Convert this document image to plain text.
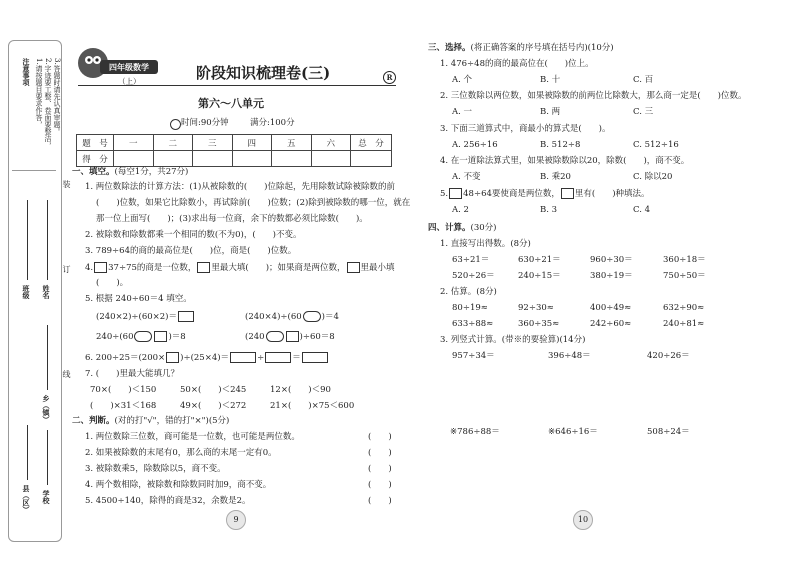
注意事项 1.请按题目要求作答， 2.字迹要工整、卷面要整洁， 3.答题时请先认真审题。
装
订
线
班级 姓名
乡（镇）
县（区） 学校
四年级数学
（上）	阶段知识梳理卷(三)	R
第六～八单元
时间:90分钟	满分:100分
题　号	一	二	三	四	五	六	总　分
得　分							
一、填空。(每空1分，共27分)
1. 两位数除法的计算方法：(1)从被除数的(　　)位除起，先用除数试除被除数的前
(　　)位数，如果它比除数小，再试除前(　　)位数；(2)除到被除数的哪一位，就在
那一位上面写(　　)；(3)求出每一位商，余下的数都必须比除数(　　)。
2. 被除数和除数都乘一个相同的数(不为0)，(　　)不变。
3. 789÷64的商的最高位是(　　)位，商是(　　)位数。
4. 37÷75的商是一位数， 里最大填(　　)；如果商是两位数， 里最小填
(　　)。
5. 根据 240÷60＝4 填空。
(240×2)÷(60×2)＝	(240×4)÷(60 )＝4
240÷(60	)＝8	(240	)÷60＝8
6. 200÷25＝(200× )÷(25×4)＝	÷	＝
7. (　　)里最大能填几？
70×(　　)＜150	50×(　　)＜245	12×(　　)＜90
(　　)×31＜168	49×(　　)＜272	21×(　　)×75＜600
二、判断。(对的打"√"，错的打"×")(5分)
1. 两位数除三位数，商可能是一位数，也可能是两位数。
2. 如果被除数的末尾有0，那么商的末尾一定有0。
3. 被除数乘5，除数除以5，商不变。
4. 两个数相除，被除数和除数同时加9，商不变。
5. 4500÷140，除得的商是32，余数是2。
(　　)
(　　)
(　　)
(　　)
(　　)
9
三、选择。(将正确答案的序号填在括号内)(10分)
1. 476÷48的商的最高位在(　　)位上。
A. 个	B. 十	C. 百
2. 三位数除以两位数，如果被除数的前两位比除数大，那么商一定是(　　)位数。
A. 一	B. 两	C. 三
3. 下面三道算式中，商最小的算式是(　　)。
A. 256÷16	B. 512÷8	C. 512÷16
4. 在一道除法算式里，如果被除数除以20，除数(　　)，商不变。
A. 不变	B. 乘20	C. 除以20
5. 48÷64要使商是两位数， 里有(　　)种填法。
A. 2	B. 3	C. 4
四、计算。(30分)
1. 直接写出得数。(8分)
63÷21＝	630÷21＝	960÷30＝	360÷18＝
520÷26＝	240÷15＝	380÷19＝	750÷50＝
2. 估算。(8分)
80÷19≈	92÷30≈	400÷49≈	632÷90≈
633÷88≈	360÷35≈	242÷60≈	240÷81≈
3. 列竖式计算。(带※的要验算)(14分)
957÷34＝	396÷48＝	420÷26＝
※786÷88＝	※646÷16＝	508÷24＝
10
